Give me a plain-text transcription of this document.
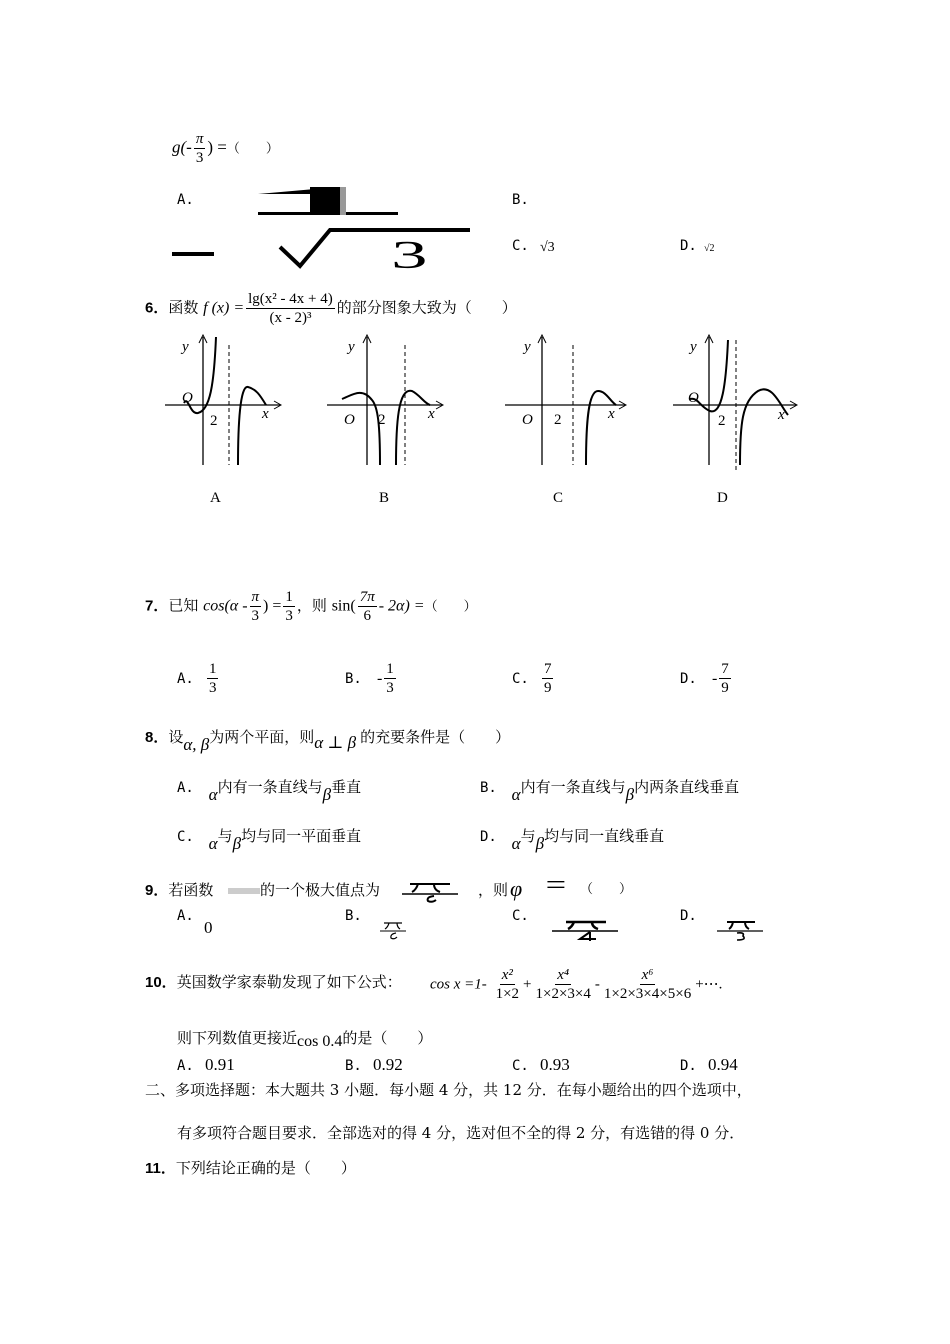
$g(- \frac{\pi}{3}$ ) =（　　）
A.
3
B.
C. √3	D. √2
6．函数 f $(x) = \frac{\text{lg(x² - 4x + 4)}}{\text{(x - 2)³}}$ 的部分图象大致为（　　）
O
2	x
y
O 2	x
y
O 2	x
y
O
2	x
y
A	B	C	D
7．已知 $\cos(\alpha - \frac{\pi}{3}$ ) = $\frac{1}{3}$ ，则 $\sin( \frac{7\pi}{6} - 2\alpha)$ =（　　）
A. $\frac{1}{3}$	B. - $\frac{1}{3}$	C. $\frac{7}{9}$	D. - $\frac{7}{9}$
8．设α, β为两个平面，则α ⊥ β 的充要条件是（　　）
A. α内有一条直线与β垂直	B. α内有一条直线与β内两条直线垂直
C. α与β均与同一平面垂直	D. α与β均与同一直线垂直
9．若函数	的一个极大值点为	，则 φ = （　　）
A.
0
B.	C.	D.
10．英国数学家泰勒发现了如下公式： $\cos x =1- \frac{\text{x²}}{1\times 2} + \frac{\text{x⁴}}{1\times 2\times 3\times 4} - \frac{\text{x⁶}}{1\times 2\times 3\times 4\times 5\times 6}$ +⋯.
则下列数值更接近cos 0.4的是（　　）
A. 0.91	B. 0.92	C. 0.93	D. 0.94
二、多项选择题：本大题共 3 小题．每小题 4 分，共 12 分．在每小题给出的四个选项中，
有多项符合题目要求．全部选对的得 4 分，选对但不全的得 2 分，有选错的得 0 分．
11．下列结论正确的是（　　）
